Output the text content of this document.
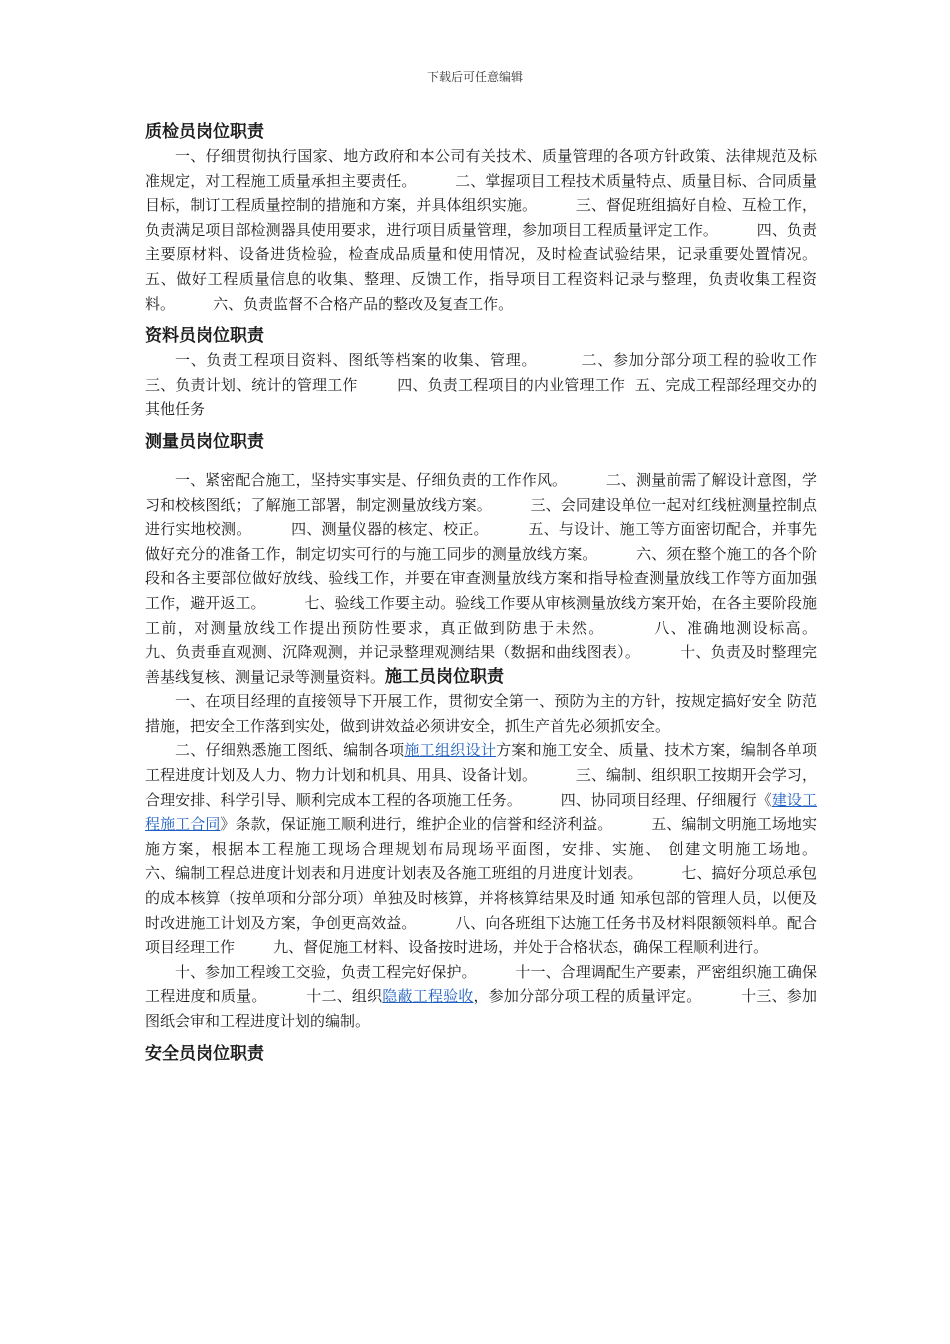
下载后可任意编辑
质检员岗位职责

一、仔细贯彻执行国家、地方政府和本公司有关技术、质量管理的各项方针政策、法律规范及标准规定，对工程施工质量承担主要责任。        二、掌握项目工程技术质量特点、质量目标、合同质量目标，制订工程质量控制的措施和方案，并具体组织实施。        三、督促班组搞好自检、互检工作，负责满足项目部检测器具使用要求，进行项目质量管理，参加项目工程质量评定工作。        四、负责主要原材料、设备进货检验，检查成品质量和使用情况，及时检查试验结果，记录重要处置情况。        五、做好工程质量信息的收集、整理、反馈工作，指导项目工程资料记录与整理，负责收集工程资料。        六、负责监督不合格产品的整改及复查工作。

资料员岗位职责

一、负责工程项目资料、图纸等档案的收集、管理。        二、参加分部分项工程的验收工作        三、负责计划、统计的管理工作        四、负责工程项目的内业管理工作  五、完成工程部经理交办的其他任务

测量员岗位职责

一、紧密配合施工，坚持实事实是、仔细负责的工作作风。        二、测量前需了解设计意图，学习和校核图纸；了解施工部署，制定测量放线方案。        三、会同建设单位一起对红线桩测量控制点进行实地校测。        四、测量仪器的核定、校正。        五、与设计、施工等方面密切配合，并事先做好充分的准备工作，制定切实可行的与施工同步的测量放线方案。        六、须在整个施工的各个阶段和各主要部位做好放线、验线工作，并要在审查测量放线方案和指导检查测量放线工作等方面加强工作，避开返工。        七、验线工作要主动。验线工作要从审核测量放线方案开始，在各主要阶段施工前，对测量放线工作提出预防性要求，真正做到防患于未然。        八、准确地测设标高。        九、负责垂直观测、沉降观测，并记录整理观测结果（数据和曲线图表）。        十、负责及时整理完善基线复核、测量记录等测量资料。施工员岗位职责

一、在项目经理的直接领导下开展工作，贯彻安全第一、预防为主的方针，按规定搞好安全 防范措施，把安全工作落到实处，做到讲效益必须讲安全，抓生产首先必须抓安全。

二、仔细熟悉施工图纸、编制各项施工组织设计方案和施工安全、质量、技术方案，编制各单项工程进度计划及人力、物力计划和机具、用具、设备计划。        三、编制、组织职工按期开会学习，合理安排、科学引导、顺利完成本工程的各项施工任务。        四、协同项目经理、仔细履行《建设工程施工合同》条款，保证施工顺利进行，维护企业的信誉和经济利益。        五、编制文明施工场地实施方案，根据本工程施工现场合理规划布局现场平面图，安排、实施、 创建文明施工场地。        六、编制工程总进度计划表和月进度计划表及各施工班组的月进度计划表。        七、搞好分项总承包的成本核算（按单项和分部分项）单独及时核算，并将核算结果及时通 知承包部的管理人员，以便及时改进施工计划及方案，争创更高效益。        八、向各班组下达施工任务书及材料限额领料单。配合项目经理工作        九、督促施工材料、设备按时进场，并处于合格状态，确保工程顺利进行。

十、参加工程竣工交验，负责工程完好保护。        十一、合理调配生产要素，严密组织施工确保工程进度和质量。        十二、组织隐蔽工程验收，参加分部分项工程的质量评定。        十三、参加图纸会审和工程进度计划的编制。

安全员岗位职责
